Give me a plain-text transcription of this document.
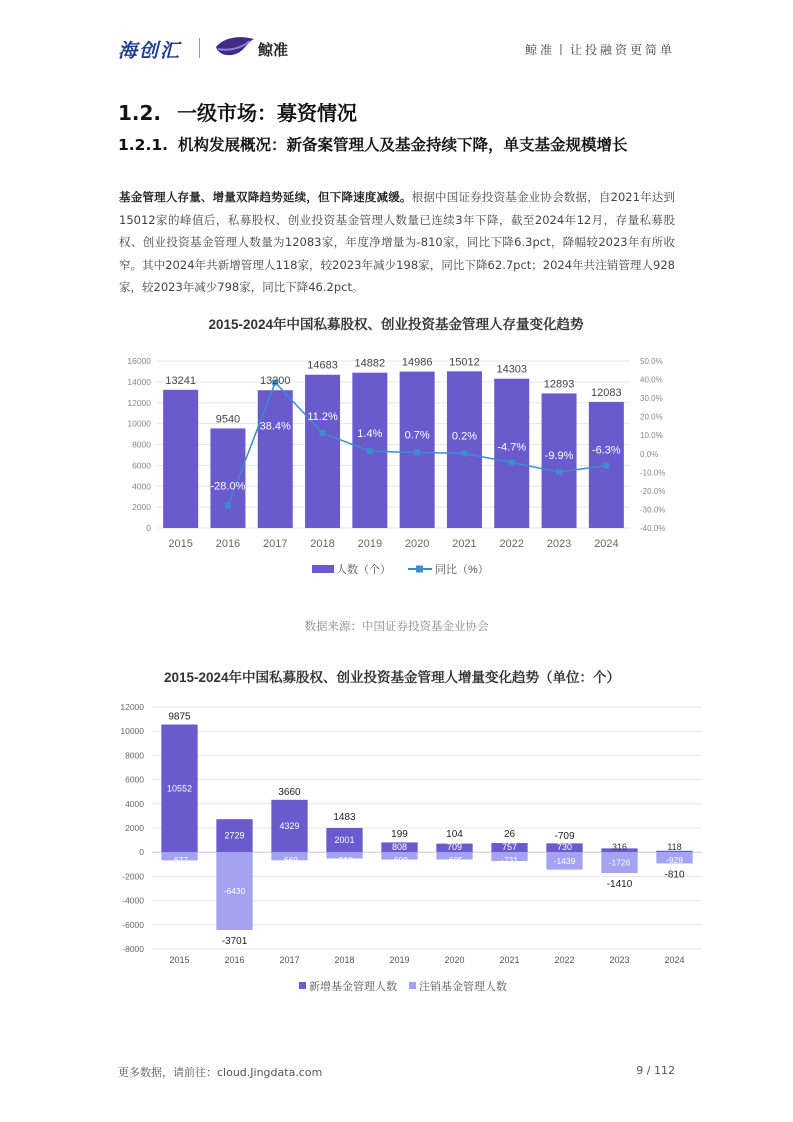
海创汇	鲸准	鲸准丨让投融资更简单
1.2. 一级市场：募资情况
1.2.1. 机构发展概况：新备案管理人及基金持续下降，单支基金规模增长
基金管理人存量、增量双降趋势延续，但下降速度减缓。根据中国证券投资基金业协会数据，自2021年达到15012家的峰值后，私募股权、创业投资基金管理人数量已连续3年下降，截至2024年12月，存量私募股权、创业投资基金管理人数量为12083家，年度净增量为-810家，同比下降6.3pct，降幅较2023年有所收窄。其中2024年共新增管理人118家，较2023年减少198家，同比下降62.7pct；2024年共注销管理人928家，较2023年减少798家，同比下降46.2pct。
2015-2024年中国私募股权、创业投资基金管理人存量变化趋势
13241
9540
13200
14683 14882 14986 15012
14303
12893
12083
-28.0%
38.4%
11.2%
1.4% 0.7% 0.2%
-4.7%
-9.9% -6.3%
0
2000
4000
6000
8000
10000
12000
14000
16000
-40.0%
-30.0%
-20.0%
-10.0%
0.0%
10.0%
20.0%
30.0%
40.0%
50.0%
2015 2016 2017 2018 2019 2020 2021 2022 2023 2024
人数（个）	同比（%）
数据来源：中国证券投资基金业协会
2015-2024年中国私募股权、创业投资基金管理人增量变化趋势（单位：个）
10552
-677
9875
2729
-6430
-3701
4329
-669
3660
2001
-518
1483
808
-609
199
709
-605
104
757
-731
26
730
-1439
-709
316
-1726
-1410
118
-928
-810
-8000
-6000
-4000
-2000
0
2000
4000
6000
8000
10000
12000
2015	2016	2017	2018	2019	2020	2021	2022	2023	2024
新增基金管理人数 注销基金管理人数
更多数据，请前往：cloud.Jingdata.com	9 / 112
